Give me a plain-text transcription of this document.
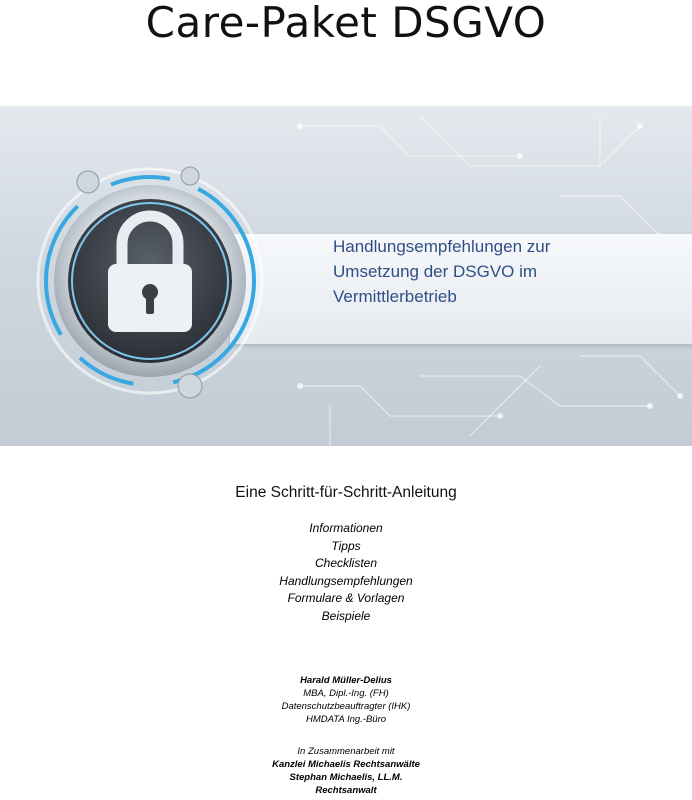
Care-Paket DSGVO
Handlungsempfehlungen zur
Umsetzung der DSGVO im
Vermittlerbetrieb
Eine Schritt-für-Schritt-Anleitung
Informationen
Tipps
Checklisten
Handlungsempfehlungen
Formulare & Vorlagen
Beispiele
Harald Müller-Delius
MBA, Dipl.-Ing. (FH)
Datenschutzbeauftragter (IHK)
HMDATA Ing.-Büro
In Zusammenarbeit mit
Kanzlei Michaelis Rechtsanwälte
Stephan Michaelis, LL.M.
Rechtsanwalt
